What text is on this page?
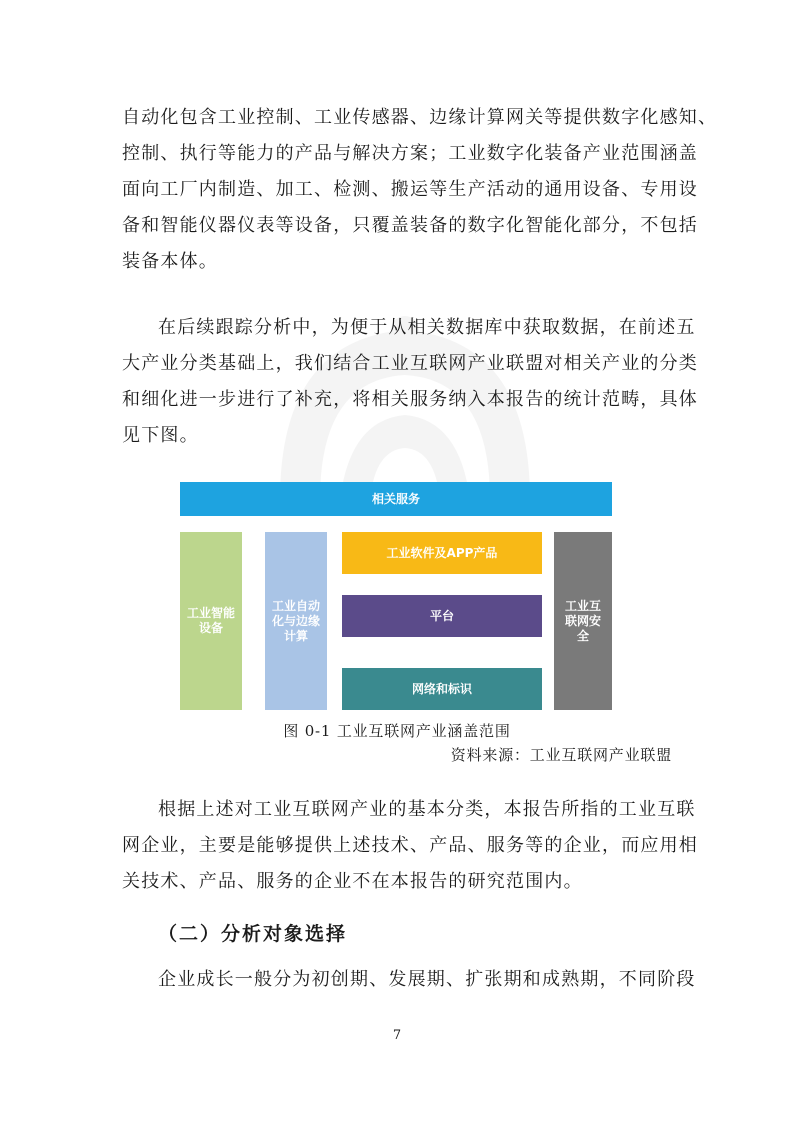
自动化包含工业控制、工业传感器、边缘计算网关等提供数字化感知、
控制、执行等能力的产品与解决方案；工业数字化装备产业范围涵盖
面向工厂内制造、加工、检测、搬运等生产活动的通用设备、专用设
备和智能仪器仪表等设备，只覆盖装备的数字化智能化部分，不包括
装备本体。
在后续跟踪分析中，为便于从相关数据库中获取数据，在前述五
大产业分类基础上，我们结合工业互联网产业联盟对相关产业的分类
和细化进一步进行了补充，将相关服务纳入本报告的统计范畴，具体
见下图。
相关服务
工业智能
设备
工业自动
化与边缘
计算
工业软件及APP产品
平台
网络和标识
工业互
联网安
全

图 0-1 工业互联网产业涵盖范围

资料来源：工业互联网产业联盟

根据上述对工业互联网产业的基本分类，本报告所指的工业互联
网企业，主要是能够提供上述技术、产品、服务等的企业，而应用相
关技术、产品、服务的企业不在本报告的研究范围内。
（二）分析对象选择
企业成长一般分为初创期、发展期、扩张期和成熟期，不同阶段

7
